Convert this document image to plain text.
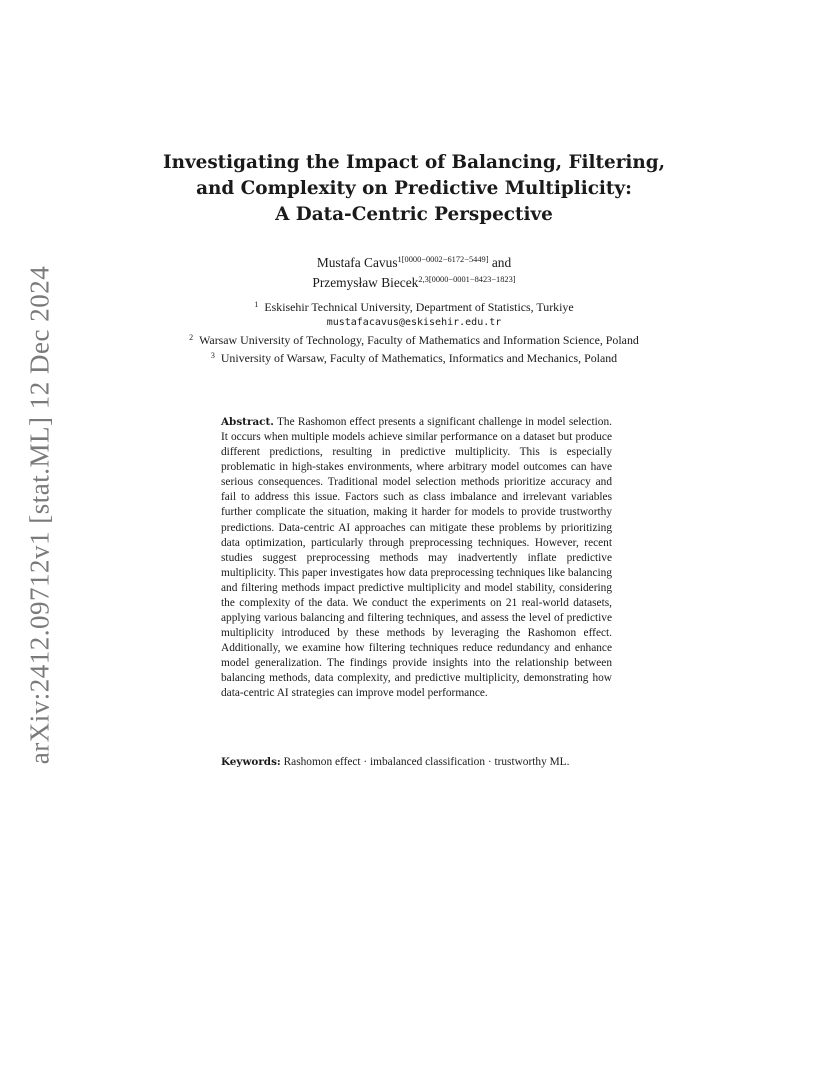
arXiv:2412.09712v1 [stat.ML] 12 Dec 2024
Investigating the Impact of Balancing, Filtering,
and Complexity on Predictive Multiplicity:
A Data-Centric Perspective
Mustafa Cavus$^{1[0000-0002-6172-5449]}$ and
Przemysław Biecek$^{2,3[0000-0001-8423-1823]}$

$^1$ Eskisehir Technical University, Department of Statistics, Turkiye
mustafacavus@eskisehir.edu.tr

$^2$ Warsaw University of Technology, Faculty of Mathematics and Information Science, Poland

$^3$ University of Warsaw, Faculty of Mathematics, Informatics and Mechanics, Poland

Abstract. The Rashomon effect presents a significant challenge in model selection. It occurs when multiple models achieve similar performance on a dataset but produce different predictions, resulting in predictive multiplicity. This is especially problematic in high-stakes environments, where arbitrary model outcomes can have serious consequences. Traditional model selection methods prioritize accuracy and fail to address this issue. Factors such as class imbalance and irrelevant variables further complicate the situation, making it harder for models to provide trustworthy predictions. Data-centric AI approaches can mitigate these problems by prioritizing data optimization, particularly through preprocessing techniques. However, recent studies suggest preprocessing methods may inadvertently inflate predictive multiplicity. This paper investigates how data preprocessing techniques like balancing and filtering methods impact predictive multiplicity and model stability, considering the complexity of the data. We conduct the experiments on 21 real-world datasets, applying various balancing and filtering techniques, and assess the level of predictive multiplicity introduced by these methods by leveraging the Rashomon effect. Additionally, we examine how filtering techniques reduce redundancy and enhance model generalization. The findings provide insights into the relationship between balancing methods, data complexity, and predictive multiplicity, demonstrating how data-centric AI strategies can improve model performance.
Keywords: Rashomon effect · imbalanced classification · trustworthy ML.
